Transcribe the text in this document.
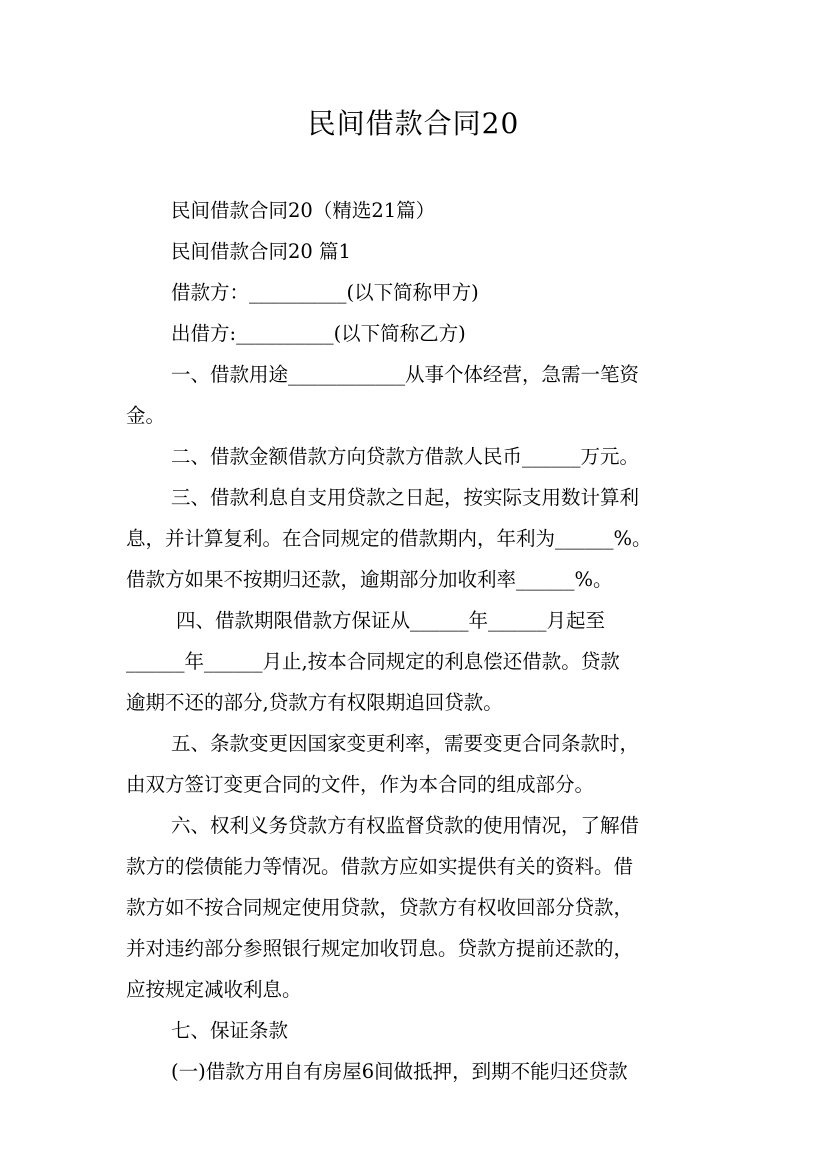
民间借款合同20
民间借款合同20（精选21篇）
民间借款合同20 篇1
借款方：__________(以下简称甲方)
出借方:__________(以下简称乙方)
一、借款用途____________从事个体经营，急需一笔资
金。
二、借款金额借款方向贷款方借款人民币______万元。
三、借款利息自支用贷款之日起，按实际支用数计算利
息，并计算复利。在合同规定的借款期内，年利为______%。
借款方如果不按期归还款，逾期部分加收利率______%。
四、借款期限借款方保证从______年______月起至
______年______月止,按本合同规定的利息偿还借款。贷款
逾期不还的部分,贷款方有权限期追回贷款。
五、条款变更因国家变更利率，需要变更合同条款时，
由双方签订变更合同的文件，作为本合同的组成部分。
六、权利义务贷款方有权监督贷款的使用情况，了解借
款方的偿债能力等情况。借款方应如实提供有关的资料。借
款方如不按合同规定使用贷款，贷款方有权收回部分贷款，
并对违约部分参照银行规定加收罚息。贷款方提前还款的，
应按规定减收利息。
七、保证条款
(一)借款方用自有房屋6间做抵押，到期不能归还贷款
